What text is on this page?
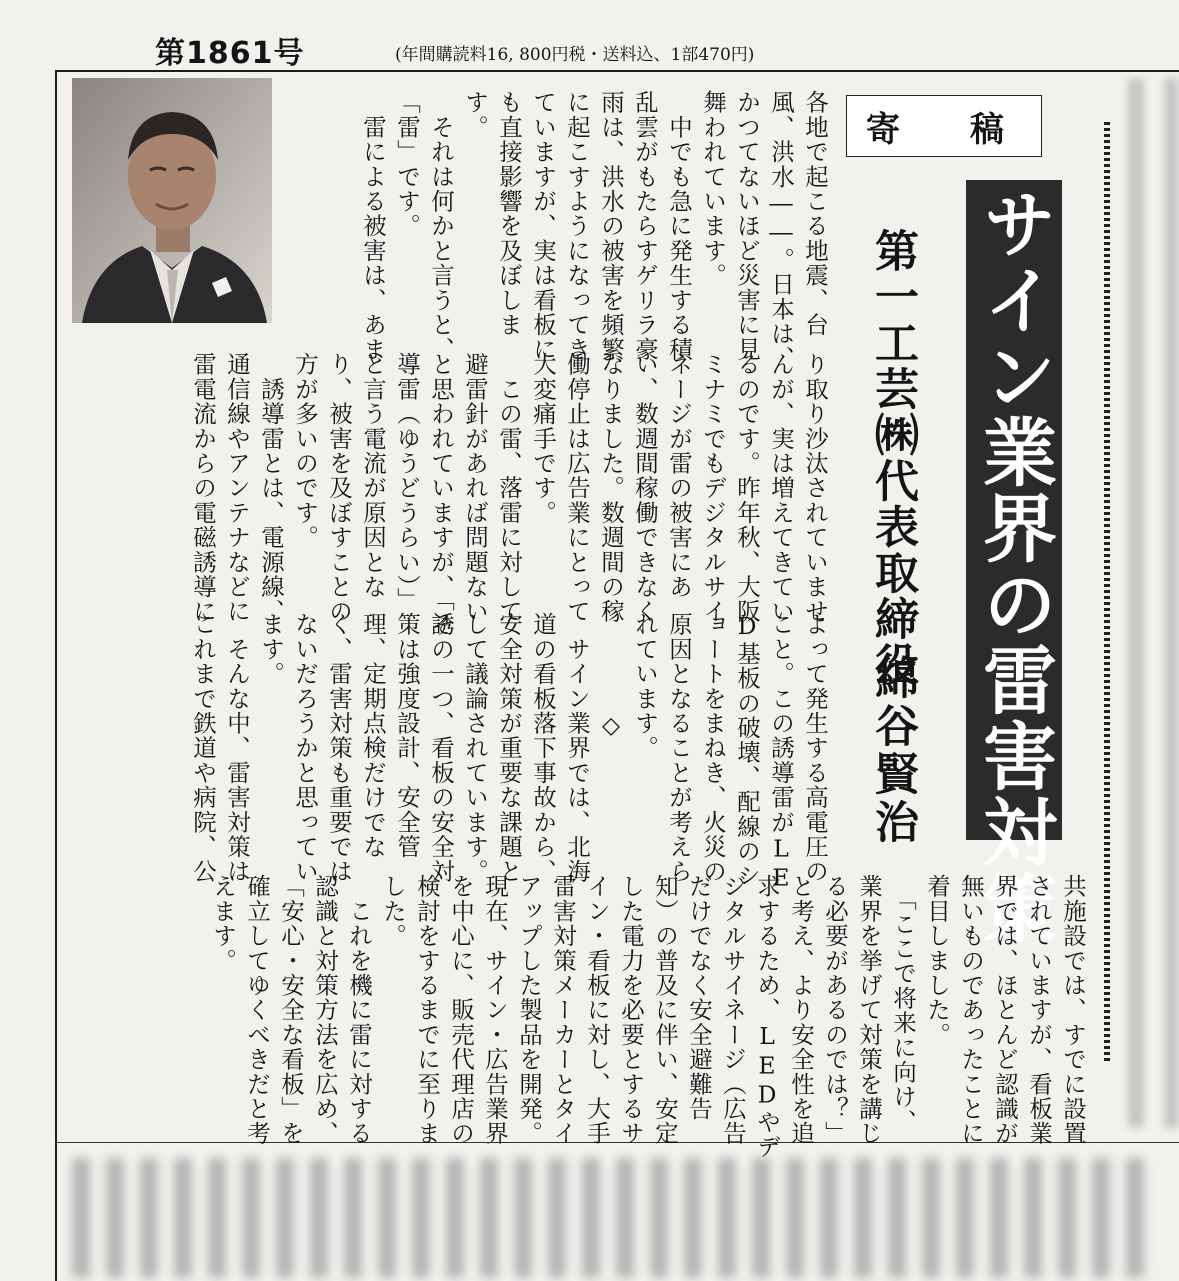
第1861号	(年間購読料16, 800円税・送料込、1部470円)
寄　稿
サイン業界の雷害対策
第一工芸㈱代表取締役
綿谷賢治
各地で起こる地震、台
風、洪水――。日本は、
かつてないほど災害に見
舞われています。
　中でも急に発生する積
乱雲がもたらすゲリラ豪
雨は、洪水の被害を頻繁
に起こすようになってき
ていますが、実は看板に
も直接影響を及ぼしま
す。
　それは何かと言うと、
「雷」です。
　雷による被害は、あま
り取り沙汰されていませ
んが、実は増えてきてい
るのです。昨年秋、大阪
ミナミでもデジタルサイ
ネージが雷の被害にあ
い、数週間稼働できなく
なりました。数週間の稼
働停止は広告業にとって
大変痛手です。
　この雷、落雷に対して
避雷針があれば問題ない
と思われていますが、「誘
導雷（ゆうどうらい）」
と言う電流が原因とな
り、被害を及ぼすことの
方が多いのです。
　誘導雷とは、電源線、
通信線やアンテナなどに
雷電流からの電磁誘導に
よって発生する高電圧の
こと。この誘導雷がLE
D基板の破壊、配線のシ
ョートをまねき、火災の
原因となることが考えら
れています。
　　　　◇
　サイン業界では、北海
道の看板落下事故から、
安全対策が重要な課題と
して議論されています。
その一つ、看板の安全対
策は強度設計、安全管
理、定期点検だけでな
く、雷害対策も重要では
ないだろうかと思ってい
ます。
　そんな中、雷害対策は
これまで鉄道や病院、公
共施設では、すでに設置
されていますが、看板業
界では、ほとんど認識が
無いものであったことに
着目しました。
　「ここで将来に向け、
業界を挙げて対策を講じ
る必要があるのでは？」
と考え、より安全性を追
求するため、LEDやデ
ジタルサイネージ（広告
だけでなく安全避難告
知）の普及に伴い、安定
した電力を必要とするサ
イン・看板に対し、大手
雷害対策メーカーとタイ
アップした製品を開発。
現在、サイン・広告業界
を中心に、販売代理店の
検討をするまでに至りま
した。
　これを機に雷に対する
認識と対策方法を広め、
「安心・安全な看板」を
確立してゆくべきだと考
えます。
